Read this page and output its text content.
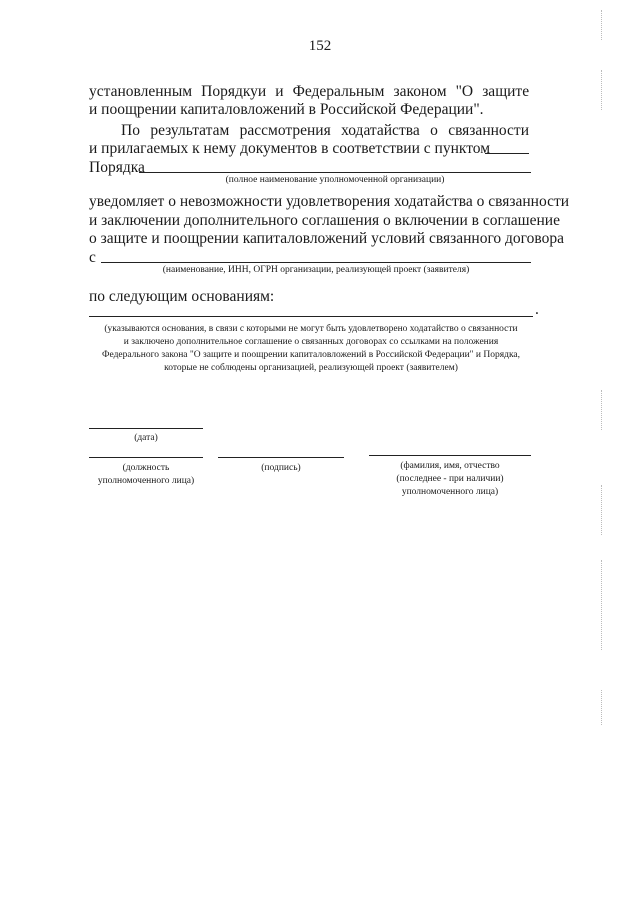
152
установленным Порядкуи и Федеральным законом "О защите
и поощрении капиталовложений в Российской Федерации".
По результатам рассмотрения ходатайства о связанности
и прилагаемых к нему документов в соответствии с пунктом
Порядка
(полное наименование уполномоченной организации)
уведомляет о невозможности удовлетворения ходатайства о связанности
и заключении дополнительного соглашения о включении в соглашение
о защите и поощрении капиталовложений условий связанного договора
с
(наименование, ИНН, ОГРН организации, реализующей проект (заявителя)
по следующим основаниям:
.
(указываются основания, в связи с которыми не могут быть удовлетворено ходатайство о связанности
и заключено дополнительное соглашение о связанных договорах со ссылками на положения
Федерального закона "О защите и поощрении капиталовложений в Российской Федерации" и Порядка,
которые не соблюдены организацией, реализующей проект (заявителем)
(дата)
(должность
уполномоченного лица)
(подпись)	(фамилия, имя, отчество
(последнее - при наличии)
уполномоченного лица)
